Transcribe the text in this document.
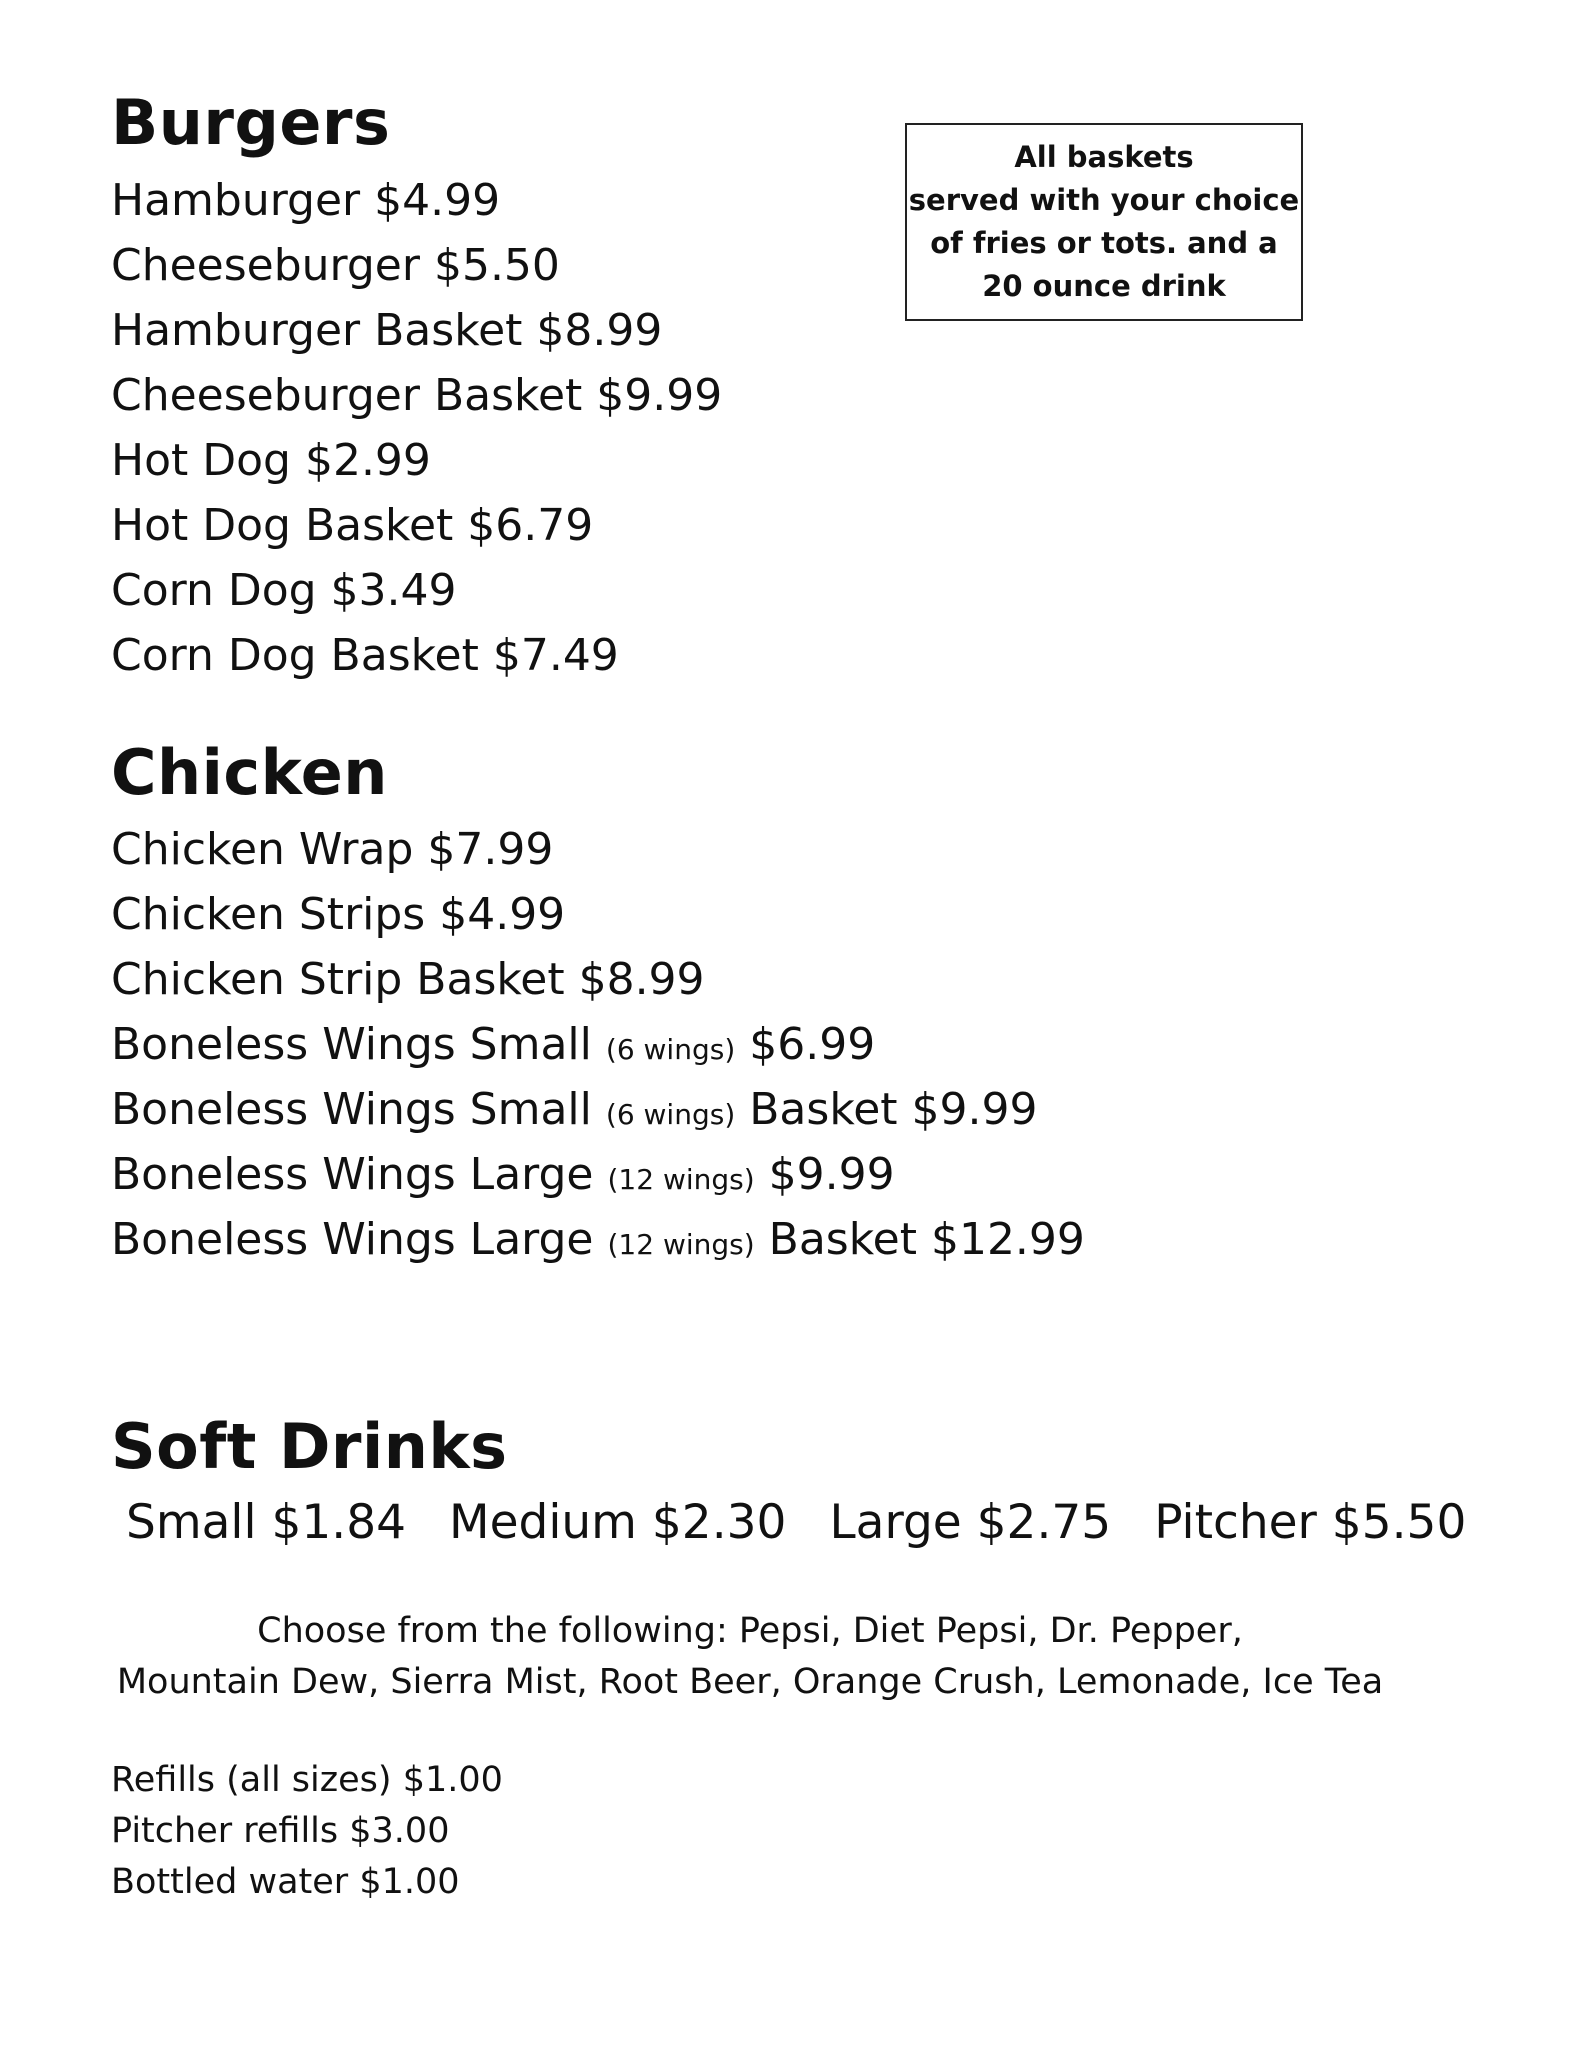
Burgers
Hamburger $4.99
Cheeseburger $5.50
Hamburger Basket $8.99
Cheeseburger Basket $9.99
Hot Dog $2.99
Hot Dog Basket $6.79
Corn Dog $3.49
Corn Dog Basket $7.49
All baskets
served with your choice
of fries or tots. and a
20 ounce drink
Chicken
Chicken Wrap $7.99
Chicken Strips $4.99
Chicken Strip Basket $8.99
Boneless Wings Small (6 wings) $6.99
Boneless Wings Small (6 wings) Basket $9.99
Boneless Wings Large (12 wings) $9.99
Boneless Wings Large (12 wings) Basket $12.99
Soft Drinks
Small $1.84 Medium $2.30 Large $2.75 Pitcher $5.50
Choose from the following: Pepsi, Diet Pepsi, Dr. Pepper,
Mountain Dew, Sierra Mist, Root Beer, Orange Crush, Lemonade, Ice Tea
Refills (all sizes) $1.00
Pitcher refills $3.00
Bottled water $1.00
